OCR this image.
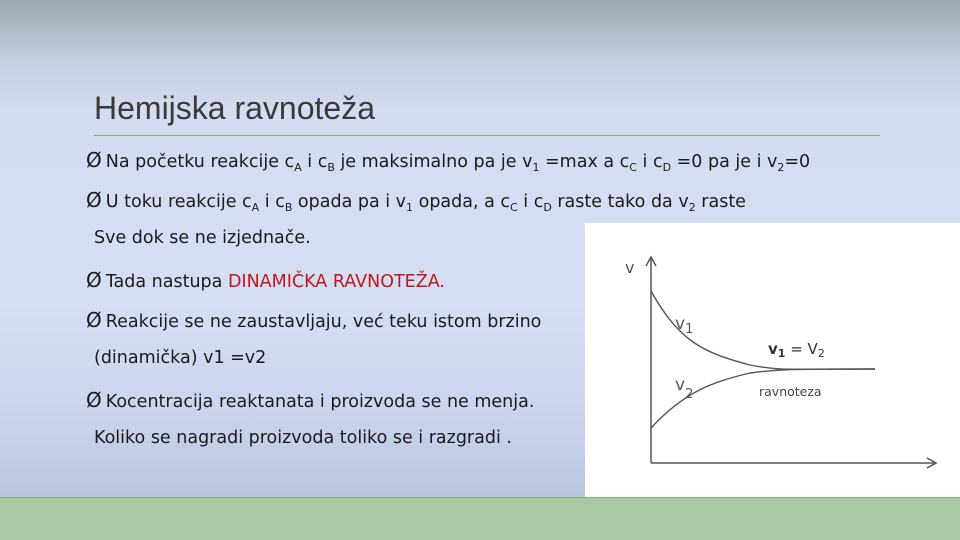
Hemijska ravnoteža
Ø Na početku reakcije $c_A$ i $c_B$ je maksimalno pa je $v_1 =\max$ a $c_C$ i $c_D =0$ pa je i $v_2=0$
Ø U toku reakcije $c_A$ i $c_B$ opada pa i $v_1$ opada, a $c_C$ i $c_D$ raste tako da $v_2$ raste
Sve dok se ne izjednače.
Ø Tada nastupa DINAMIČKA RAVNOTEŽA.
Ø Reakcije se ne zaustavljaju, već teku istom brzino
(dinamička) v1 =v2
Ø Kocentracija reaktanata i proizvoda se ne menja.
Koliko se nagradi proizvoda toliko se i razgradi .
v
$v_1$
$v_2$
$v_1 = V_2$
ravnoteza
